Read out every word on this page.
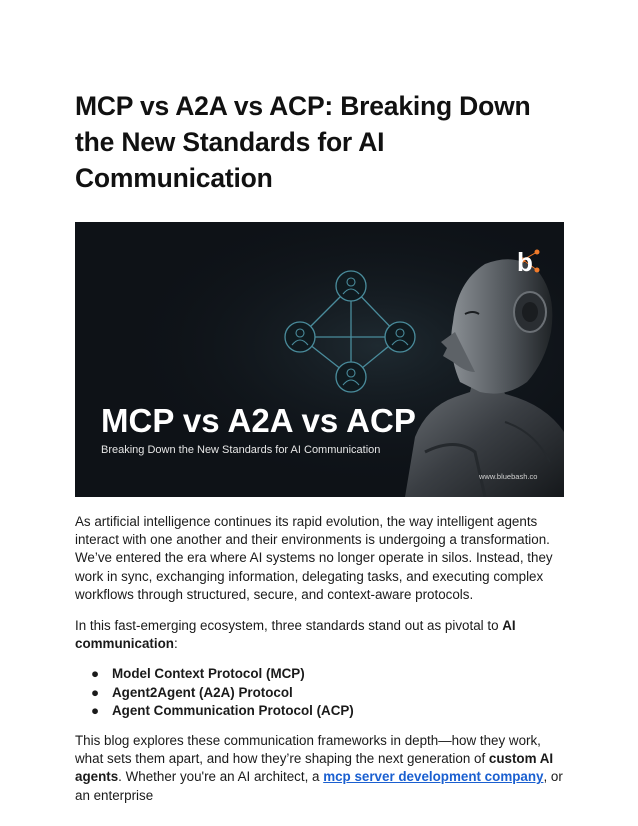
MCP vs A2A vs ACP: Breaking Down the New Standards for AI Communication
b
MCP vs A2A vs ACP
Breaking Down the New Standards for AI Communication
www.bluebash.co

As artificial intelligence continues its rapid evolution, the way intelligent agents interact with one another and their environments is undergoing a transformation. We’ve entered the era where AI systems no longer operate in silos. Instead, they work in sync, exchanging information, delegating tasks, and executing complex workflows through structured, secure, and context-aware protocols.

In this fast-emerging ecosystem, three standards stand out as pivotal to AI communication:

● Model Context Protocol (MCP)
● Agent2Agent (A2A) Protocol
● Agent Communication Protocol (ACP)

This blog explores these communication frameworks in depth—how they work, what sets them apart, and how they’re shaping the next generation of custom AI agents. Whether you're an AI architect, a mcp server development company, or an enterprise
